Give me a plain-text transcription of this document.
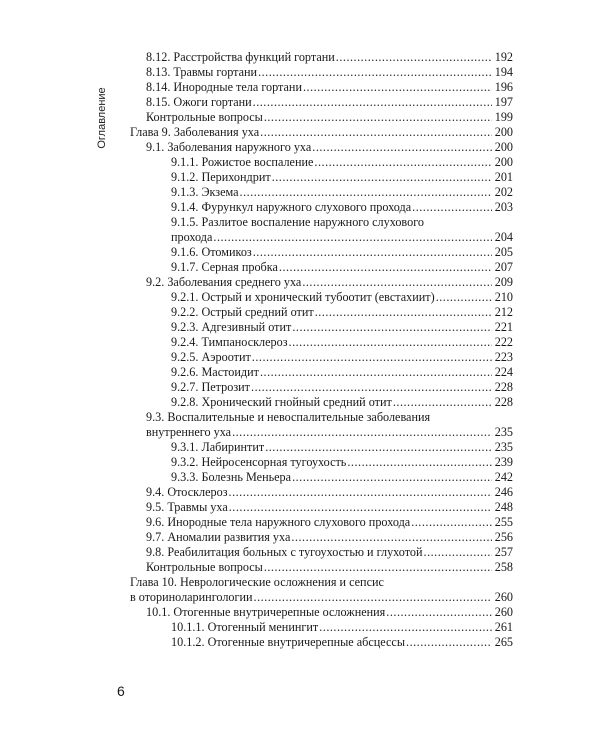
Оглавление
8.12. Расстройства функций гортани .....	192
8.13. Травмы гортани .....	194
8.14. Инородные тела гортани .....	196
8.15. Ожоги гортани .....	197
Контрольные вопросы .....	199
Глава 9. Заболевания уха .....	200
9.1. Заболевания наружного уха .....	200
9.1.1. Рожистое воспаление .....	200
9.1.2. Перихондрит .....	201
9.1.3. Экзема .....	202
9.1.4. Фурункул наружного слухового прохода .....	203
9.1.5. Разлитое воспаление наружного слухового
прохода .....	204
9.1.6. Отомикоз .....	205
9.1.7. Серная пробка .....	207
9.2. Заболевания среднего уха .....	209
9.2.1. Острый и хронический тубоотит (евстахиит) .....	210
9.2.2. Острый средний отит .....	212
9.2.3. Адгезивный отит .....	221
9.2.4. Тимпаносклероз .....	222
9.2.5. Аэроотит .....	223
9.2.6. Мастоидит .....	224
9.2.7. Петрозит .....	228
9.2.8. Хронический гнойный средний отит .....	228
9.3. Воспалительные и невоспалительные заболевания
внутреннего уха .....	235
9.3.1. Лабиринтит .....	235
9.3.2. Нейросенсорная тугоухость .....	239
9.3.3. Болезнь Меньера .....	242
9.4. Отосклероз .....	246
9.5. Травмы уха .....	248
9.6. Инородные тела наружного слухового прохода .....	255
9.7. Аномалии развития уха .....	256
9.8. Реабилитация больных с тугоухостью и глухотой .....	257
Контрольные вопросы .....	258
Глава 10. Неврологические осложнения и сепсис
в оториноларингологии .....	260
10.1. Отогенные внутричерепные осложнения .....	260
10.1.1. Отогенный менингит .....	261
10.1.2. Отогенные внутричерепные абсцессы .....	265
6
